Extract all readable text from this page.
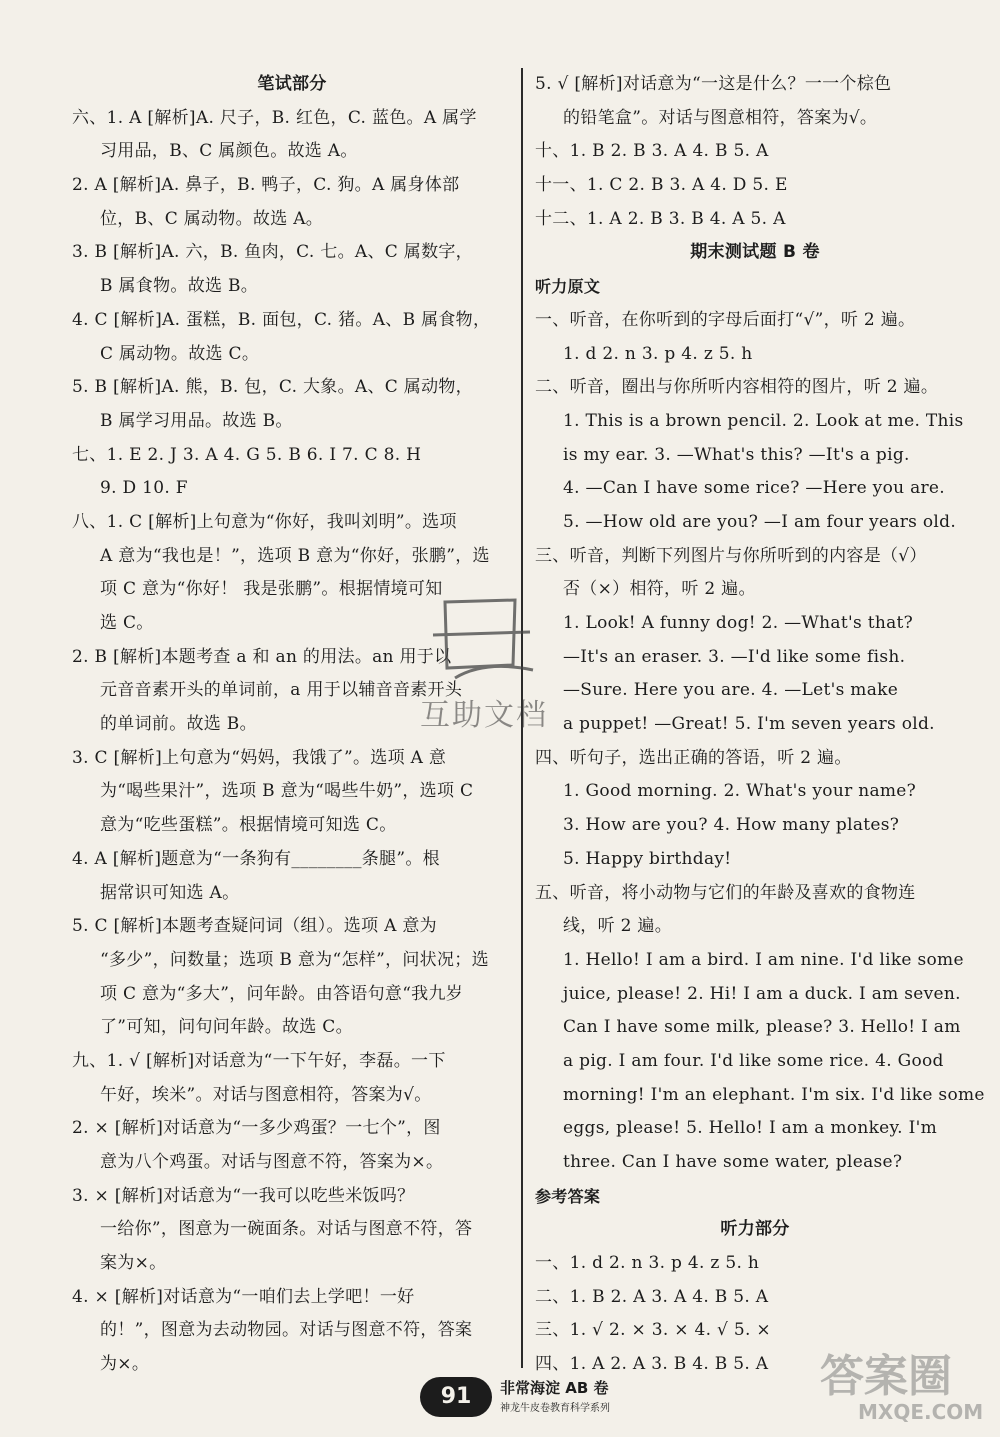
笔试部分
六、1. A [解析]A. 尺子，B. 红色，C. 蓝色。A 属学
习用品，B、C 属颜色。故选 A。
2. A [解析]A. 鼻子，B. 鸭子，C. 狗。A 属身体部
位，B、C 属动物。故选 A。
3. B [解析]A. 六，B. 鱼肉，C. 七。A、C 属数字，
B 属食物。故选 B。
4. C [解析]A. 蛋糕，B. 面包，C. 猪。A、B 属食物，
C 属动物。故选 C。
5. B [解析]A. 熊，B. 包，C. 大象。A、C 属动物，
B 属学习用品。故选 B。
七、1. E 2. J 3. A 4. G 5. B 6. I 7. C 8. H
9. D 10. F
八、1. C [解析]上句意为“你好，我叫刘明”。选项
A 意为“我也是！”，选项 B 意为“你好，张鹏”，选
项 C 意为“你好！ 我是张鹏”。根据情境可知
选 C。
2. B [解析]本题考查 a 和 an 的用法。an 用于以
元音音素开头的单词前，a 用于以辅音音素开头
的单词前。故选 B。
3. C [解析]上句意为“妈妈，我饿了”。选项 A 意
为“喝些果汁”，选项 B 意为“喝些牛奶”，选项 C
意为“吃些蛋糕”。根据情境可知选 C。
4. A [解析]题意为“一条狗有________条腿”。根
据常识可知选 A。
5. C [解析]本题考查疑问词（组）。选项 A 意为
“多少”，问数量；选项 B 意为“怎样”，问状况；选
项 C 意为“多大”，问年龄。由答语句意“我九岁
了”可知，问句问年龄。故选 C。
九、1. √ [解析]对话意为“一下午好，李磊。一下
午好，埃米”。对话与图意相符，答案为√。
2. × [解析]对话意为“一多少鸡蛋？一七个”，图
意为八个鸡蛋。对话与图意不符，答案为×。
3. × [解析]对话意为“一我可以吃些米饭吗？
一给你”，图意为一碗面条。对话与图意不符，答
案为×。
4. × [解析]对话意为“一咱们去上学吧！一好
的！”，图意为去动物园。对话与图意不符，答案
为×。
5. √ [解析]对话意为“一这是什么？一一个棕色
的铅笔盒”。对话与图意相符，答案为√。
十、1. B 2. B 3. A 4. B 5. A
十一、1. C 2. B 3. A 4. D 5. E
十二、1. A 2. B 3. B 4. A 5. A
期末测试题 B 卷
听力原文
一、听音，在你听到的字母后面打“√”，听 2 遍。
1. d 2. n 3. p 4. z 5. h
二、听音，圈出与你所听内容相符的图片，听 2 遍。
1. This is a brown pencil. 2. Look at me. This
is my ear. 3. —What's this? —It's a pig.
4. —Can I have some rice? —Here you are.
5. —How old are you? —I am four years old.
三、听音，判断下列图片与你所听到的内容是（√）
否（×）相符，听 2 遍。
1. Look! A funny dog! 2. —What's that?
—It's an eraser. 3. —I'd like some fish.
—Sure. Here you are. 4. —Let's make
a puppet! —Great! 5. I'm seven years old.
四、听句子，选出正确的答语，听 2 遍。
1. Good morning. 2. What's your name?
3. How are you? 4. How many plates?
5. Happy birthday!
五、听音，将小动物与它们的年龄及喜欢的食物连
线，听 2 遍。
1. Hello! I am a bird. I am nine. I'd like some
juice, please! 2. Hi! I am a duck. I am seven.
Can I have some milk, please? 3. Hello! I am
a pig. I am four. I'd like some rice. 4. Good
morning! I'm an elephant. I'm six. I'd like some
eggs, please! 5. Hello! I am a monkey. I'm
three. Can I have some water, please?
参考答案
听力部分
一、1. d 2. n 3. p 4. z 5. h
二、1. B 2. A 3. A 4. B 5. A
三、1. √ 2. × 3. × 4. √ 5. ×
四、1. A 2. A 3. B 4. B 5. A
互助文档
91	非常海淀 AB 卷
神龙牛皮卷教育科学系列
答案圈
MXQE.COM
